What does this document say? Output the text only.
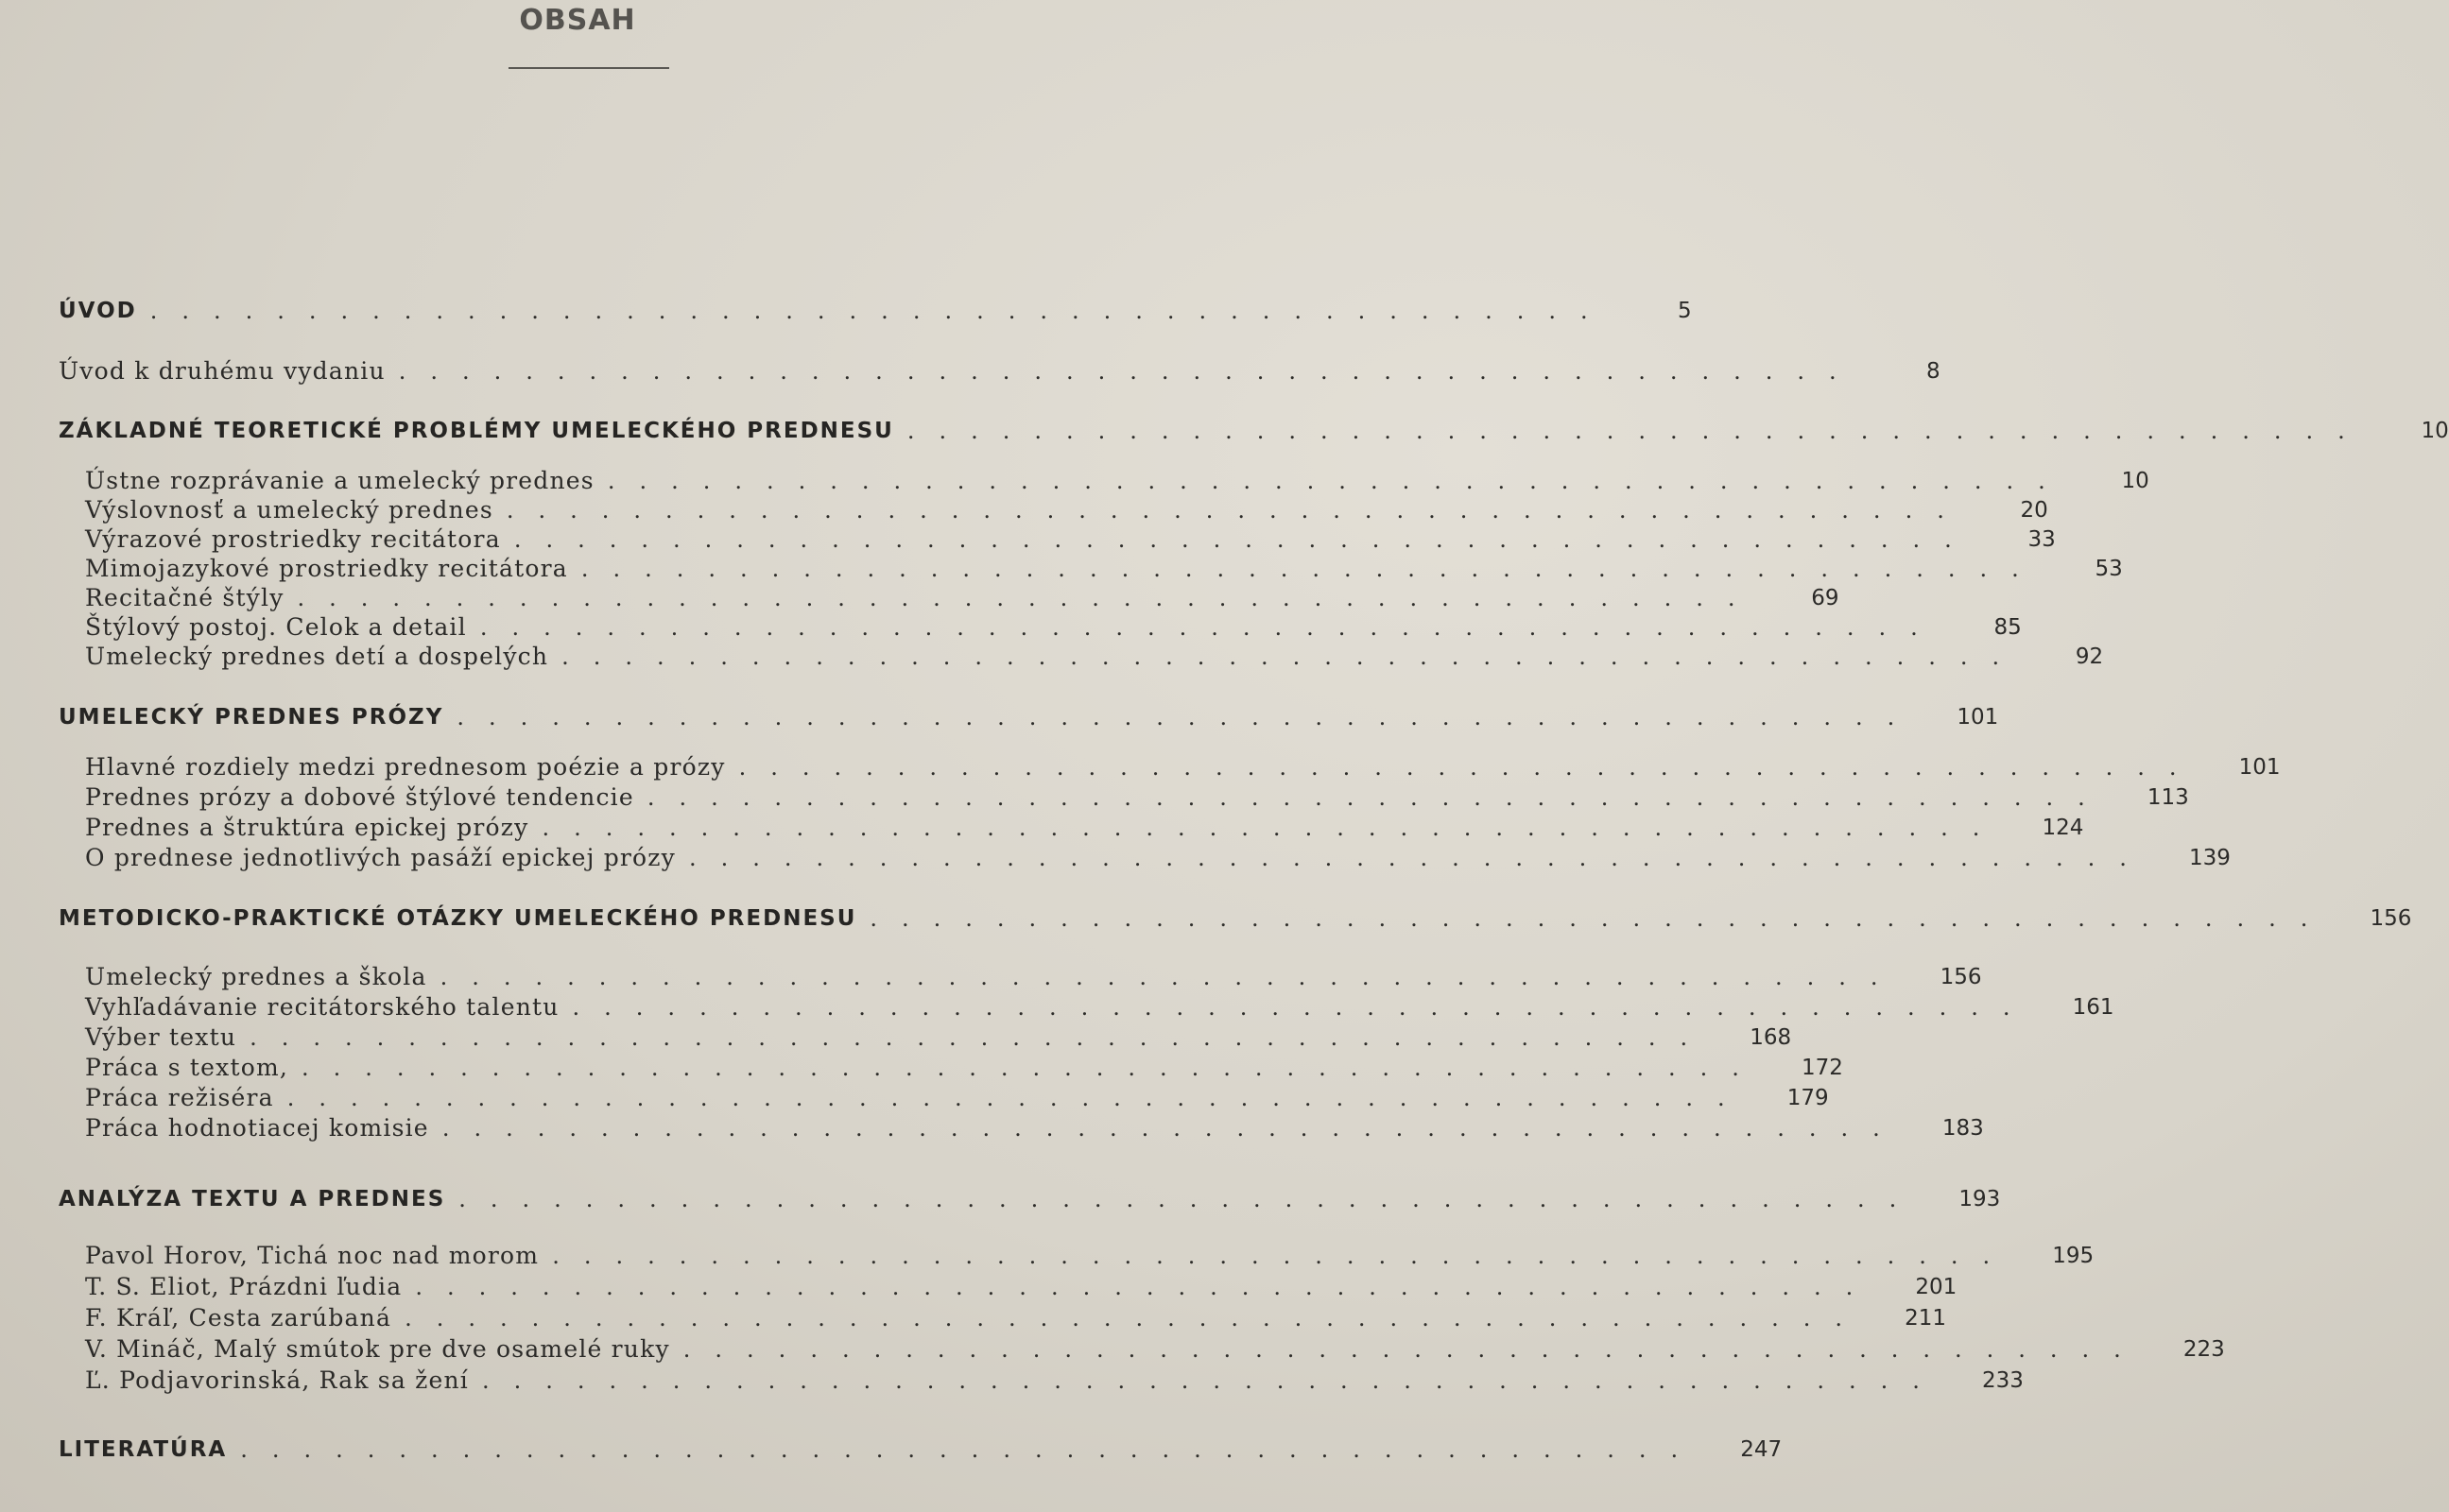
OBSAH
ÚVOD ..............................................	5
Úvod k druhému vydaniu ..............................................	8
ZÁKLADNÉ TEORETICKÉ PROBLÉMY UMELECKÉHO PREDNESU ..............................................	10
Ústne rozprávanie a umelecký prednes ..............................................	10
Výslovnosť a umelecký prednes ..............................................	20
Výrazové prostriedky recitátora ..............................................	33
Mimojazykové prostriedky recitátora ..............................................	53
Recitačné štýly ..............................................	69
Štýlový postoj. Celok a detail ..............................................	85
Umelecký prednes detí a dospelých ..............................................	92
UMELECKÝ PREDNES PRÓZY ..............................................	101
Hlavné rozdiely medzi prednesom poézie a prózy ..............................................	101
Prednes prózy a dobové štýlové tendencie ..............................................	113
Prednes a štruktúra epickej prózy ..............................................	124
O prednese jednotlivých pasáží epickej prózy ..............................................	139
METODICKO-PRAKTICKÉ OTÁZKY UMELECKÉHO PREDNESU ..............................................	156
Umelecký prednes a škola ..............................................	156
Vyhľadávanie recitátorského talentu ..............................................	161
Výber textu ..............................................	168
Práca s textom, ..............................................	172
Práca režiséra ..............................................	179
Práca hodnotiacej komisie ..............................................	183
ANALÝZA TEXTU A PREDNES ..............................................	193
Pavol Horov, Tichá noc nad morom ..............................................	195
T. S. Eliot, Prázdni ľudia ..............................................	201
F. Kráľ, Cesta zarúbaná ..............................................	211
V. Mináč, Malý smútok pre dve osamelé ruky ..............................................	223
Ľ. Podjavorinská, Rak sa žení ..............................................	233
LITERATÚRA ..............................................	247
